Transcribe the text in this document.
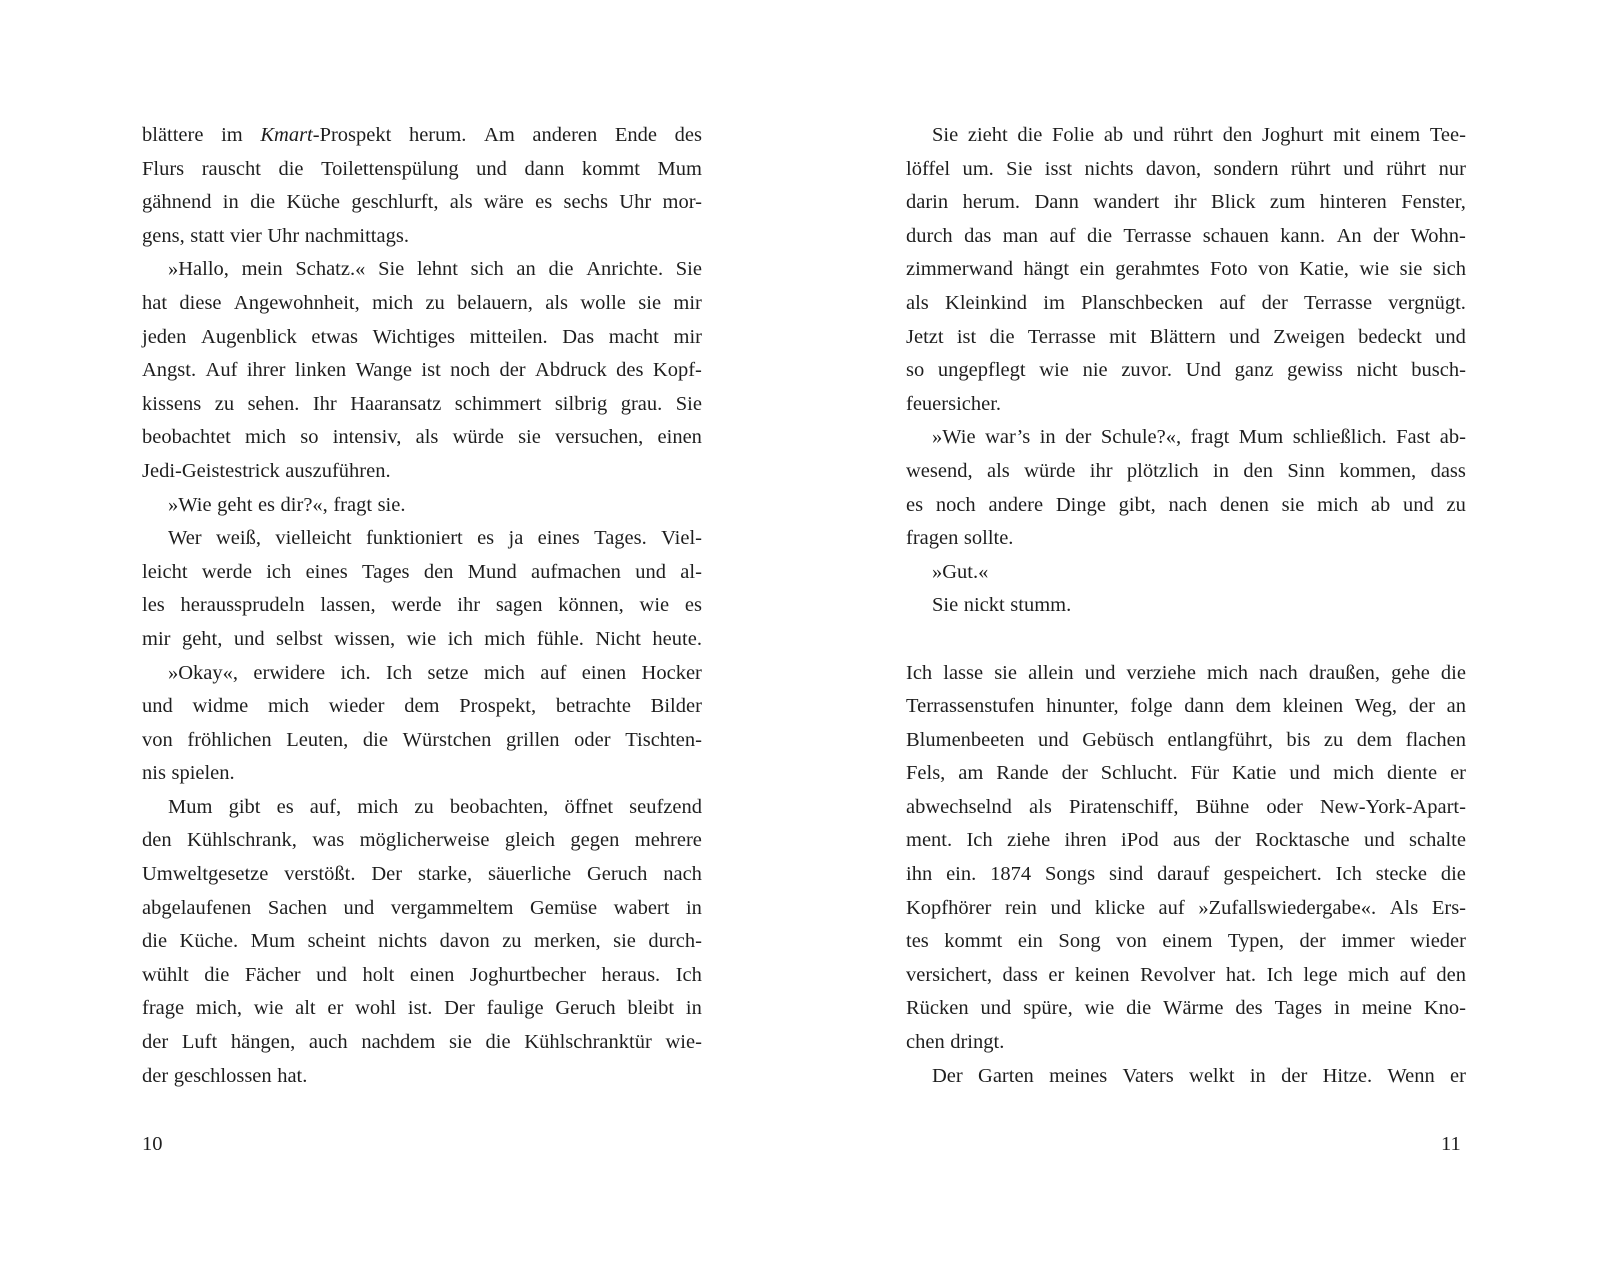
blättere im Kmart-Prospekt herum. Am anderen Ende des
Flurs rauscht die Toilettenspülung und dann kommt Mum
gähnend in die Küche geschlurft, als wäre es sechs Uhr mor-
gens, statt vier Uhr nachmittags.
»Hallo, mein Schatz.« Sie lehnt sich an die Anrichte. Sie
hat diese Angewohnheit, mich zu belauern, als wolle sie mir
jeden Augenblick etwas Wichtiges mitteilen. Das macht mir
Angst. Auf ihrer linken Wange ist noch der Abdruck des Kopf-
kissens zu sehen. Ihr Haaransatz schimmert silbrig grau. Sie
beobachtet mich so intensiv, als würde sie versuchen, einen
Jedi-Geistestrick auszuführen.
»Wie geht es dir?«, fragt sie.
Wer weiß, vielleicht funktioniert es ja eines Tages. Viel-
leicht werde ich eines Tages den Mund aufmachen und al-
les heraussprudeln lassen, werde ihr sagen können, wie es
mir geht, und selbst wissen, wie ich mich fühle. Nicht heute.
»Okay«, erwidere ich. Ich setze mich auf einen Hocker
und widme mich wieder dem Prospekt, betrachte Bilder
von fröhlichen Leuten, die Würstchen grillen oder Tischten-
nis spielen.
Mum gibt es auf, mich zu beobachten, öffnet seufzend
den Kühlschrank, was möglicherweise gleich gegen mehrere
Umweltgesetze verstößt. Der starke, säuerliche Geruch nach
abgelaufenen Sachen und vergammeltem Gemüse wabert in
die Küche. Mum scheint nichts davon zu merken, sie durch-
wühlt die Fächer und holt einen Joghurtbecher heraus. Ich
frage mich, wie alt er wohl ist. Der faulige Geruch bleibt in
der Luft hängen, auch nachdem sie die Kühlschranktür wie-
der geschlossen hat.
Sie zieht die Folie ab und rührt den Joghurt mit einem Tee-
löffel um. Sie isst nichts davon, sondern rührt und rührt nur
darin herum. Dann wandert ihr Blick zum hinteren Fenster,
durch das man auf die Terrasse schauen kann. An der Wohn-
zimmerwand hängt ein gerahmtes Foto von Katie, wie sie sich
als Kleinkind im Planschbecken auf der Terrasse vergnügt.
Jetzt ist die Terrasse mit Blättern und Zweigen bedeckt und
so ungepflegt wie nie zuvor. Und ganz gewiss nicht busch-
feuersicher.
»Wie war’s in der Schule?«, fragt Mum schließlich. Fast ab-
wesend, als würde ihr plötzlich in den Sinn kommen, dass
es noch andere Dinge gibt, nach denen sie mich ab und zu
fragen sollte.
»Gut.«
Sie nickt stumm.
Ich lasse sie allein und verziehe mich nach draußen, gehe die
Terrassenstufen hinunter, folge dann dem kleinen Weg, der an
Blumenbeeten und Gebüsch entlangführt, bis zu dem flachen
Fels, am Rande der Schlucht. Für Katie und mich diente er
abwechselnd als Piratenschiff, Bühne oder New-York-Apart-
ment. Ich ziehe ihren iPod aus der Rocktasche und schalte
ihn ein. 1874 Songs sind darauf gespeichert. Ich stecke die
Kopfhörer rein und klicke auf »Zufallswiedergabe«. Als Ers-
tes kommt ein Song von einem Typen, der immer wieder
versichert, dass er keinen Revolver hat. Ich lege mich auf den
Rücken und spüre, wie die Wärme des Tages in meine Kno-
chen dringt.
Der Garten meines Vaters welkt in der Hitze. Wenn er
10	11
